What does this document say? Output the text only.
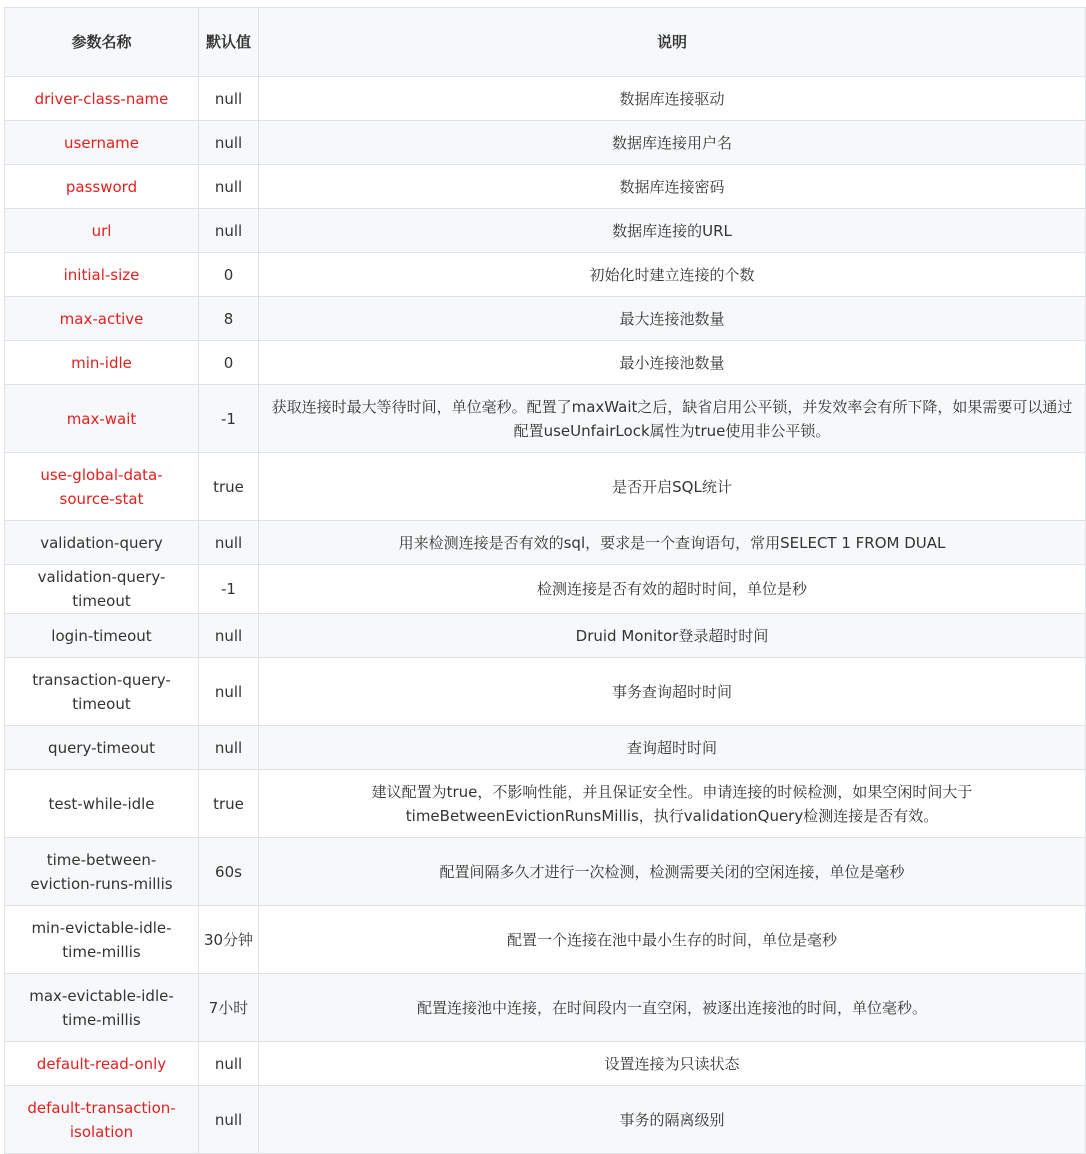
参数名称	默认值	说明
driver-class-name	null	数据库连接驱动
username	null	数据库连接用户名
password	null	数据库连接密码
url	null	数据库连接的URL
initial-size	0	初始化时建立连接的个数
max-active	8	最大连接池数量
min-idle	0	最小连接池数量
max-wait	-1	获取连接时最大等待时间，单位毫秒。配置了maxWait之后，缺省启用公平锁，并发效率会有所下降，如果需要可以通过配置useUnfairLock属性为true使用非公平锁。
use-global-data-source-stat	true	是否开启SQL统计
validation-query	null	用来检测连接是否有效的sql，要求是一个查询语句，常用SELECT 1 FROM DUAL
validation-query-timeout	-1	检测连接是否有效的超时时间，单位是秒
login-timeout	null	Druid Monitor登录超时时间
transaction-query-timeout	null	事务查询超时时间
query-timeout	null	查询超时时间
test-while-idle	true	建议配置为true，不影响性能，并且保证安全性。申请连接的时候检测，如果空闲时间大于timeBetweenEvictionRunsMillis，执行validationQuery检测连接是否有效。
time-between-eviction-runs-millis	60s	配置间隔多久才进行一次检测，检测需要关闭的空闲连接，单位是毫秒
min-evictable-idle-time-millis	30分钟	配置一个连接在池中最小生存的时间，单位是毫秒
max-evictable-idle-time-millis	7小时	配置连接池中连接，在时间段内一直空闲，被逐出连接池的时间，单位毫秒。
default-read-only	null	设置连接为只读状态
default-transaction-isolation	null	事务的隔离级别
